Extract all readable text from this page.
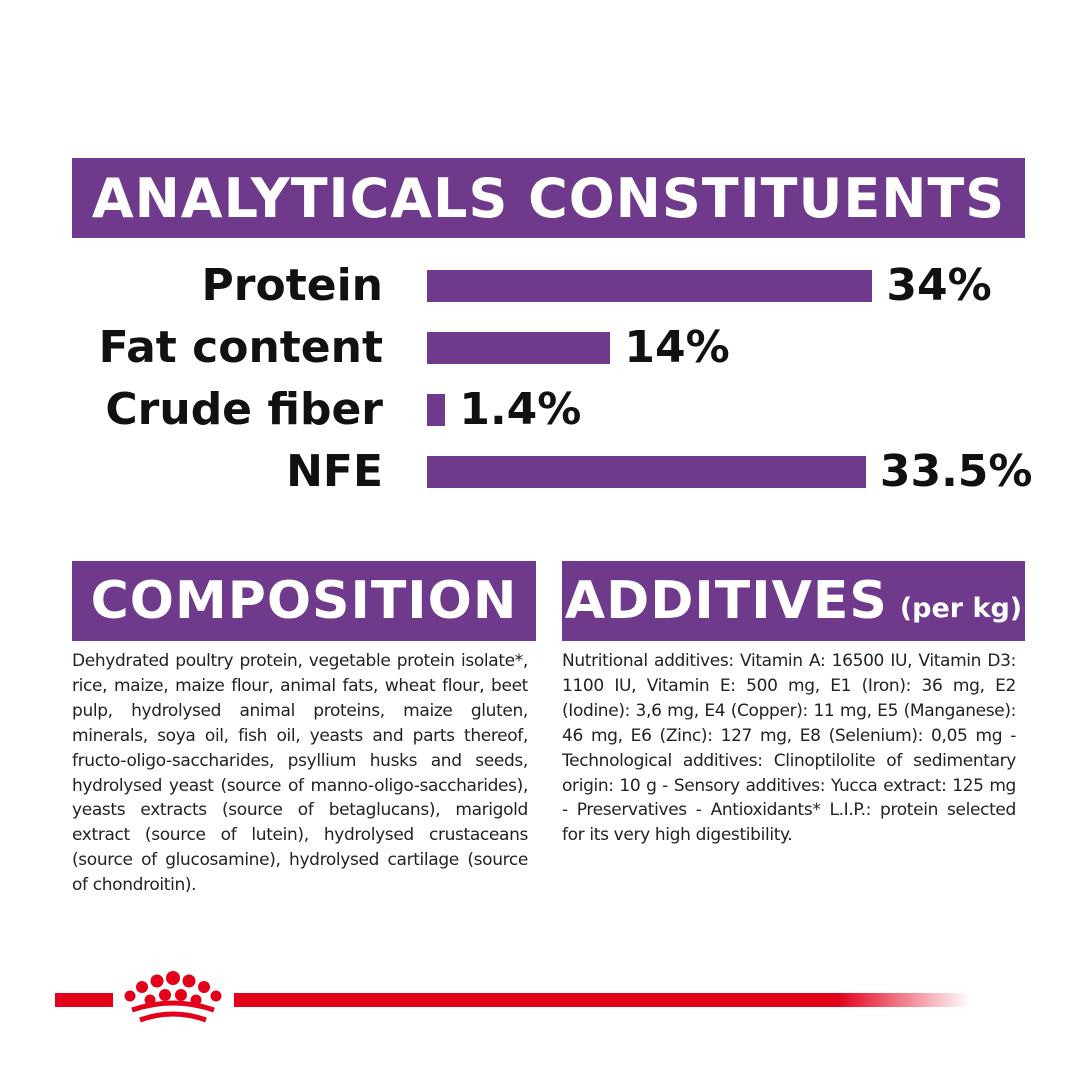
ANALYTICALS CONSTITUENTS
Protein	34%
Fat content	14%
Crude fiber 1.4%
NFE	33.5%
COMPOSITION
Dehydrated poultry protein, vegetable protein isolate*, rice, maize, maize flour, animal fats, wheat flour, beet pulp, hydrolysed animal proteins, maize gluten, minerals, soya oil, fish oil, yeasts and parts thereof, fructo-oligo-saccharides, psyllium husks and seeds, hydrolysed yeast (source of manno-oligo-saccharides), yeasts extracts (source of betaglucans), marigold extract (source of lutein), hydrolysed crustaceans (source of glucosamine), hydrolysed cartilage (source of chondroitin).
ADDITIVES (per kg)
Nutritional additives: Vitamin A: 16500 IU, Vitamin D3: 1100 IU, Vitamin E: 500 mg, E1 (Iron): 36 mg, E2 (Iodine): 3,6 mg, E4 (Copper): 11 mg, E5 (Manganese): 46 mg, E6 (Zinc): 127 mg, E8 (Selenium): 0,05 mg - Technological additives: Clinoptilolite of sedimentary origin: 10 g - Sensory additives: Yucca extract: 125 mg - Preservatives - Antioxidants* L.I.P.: protein selected for its very high digestibility.
